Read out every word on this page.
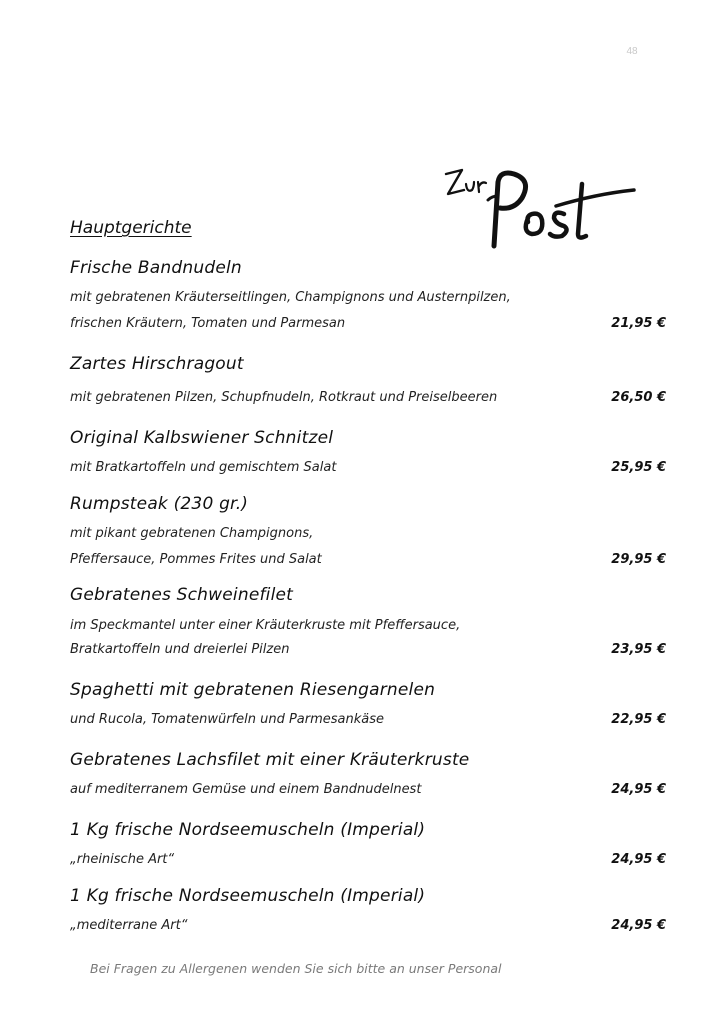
48
Hauptgerichte
Frische Bandnudeln
mit gebratenen Kräuterseitlingen, Champignons und Austernpilzen,
frischen Kräutern, Tomaten und Parmesan	21,95 €
Zartes Hirschragout
mit gebratenen Pilzen, Schupfnudeln, Rotkraut und Preiselbeeren	26,50 €
Original Kalbswiener Schnitzel
mit Bratkartoffeln und gemischtem Salat	25,95 €
Rumpsteak (230 gr.)
mit pikant gebratenen Champignons,
Pfeffersauce, Pommes Frites und Salat	29,95 €
Gebratenes Schweinefilet
im Speckmantel unter einer Kräuterkruste mit Pfeffersauce,
Bratkartoffeln und dreierlei Pilzen	23,95 €
Spaghetti mit gebratenen Riesengarnelen
und Rucola, Tomatenwürfeln und Parmesankäse	22,95 €
Gebratenes Lachsfilet mit einer Kräuterkruste
auf mediterranem Gemüse und einem Bandnudelnest	24,95 €
1 Kg frische Nordseemuscheln (Imperial)
„rheinische Art“	24,95 €
1 Kg frische Nordseemuscheln (Imperial)
„mediterrane Art“	24,95 €
Bei Fragen zu Allergenen wenden Sie sich bitte an unser Personal
